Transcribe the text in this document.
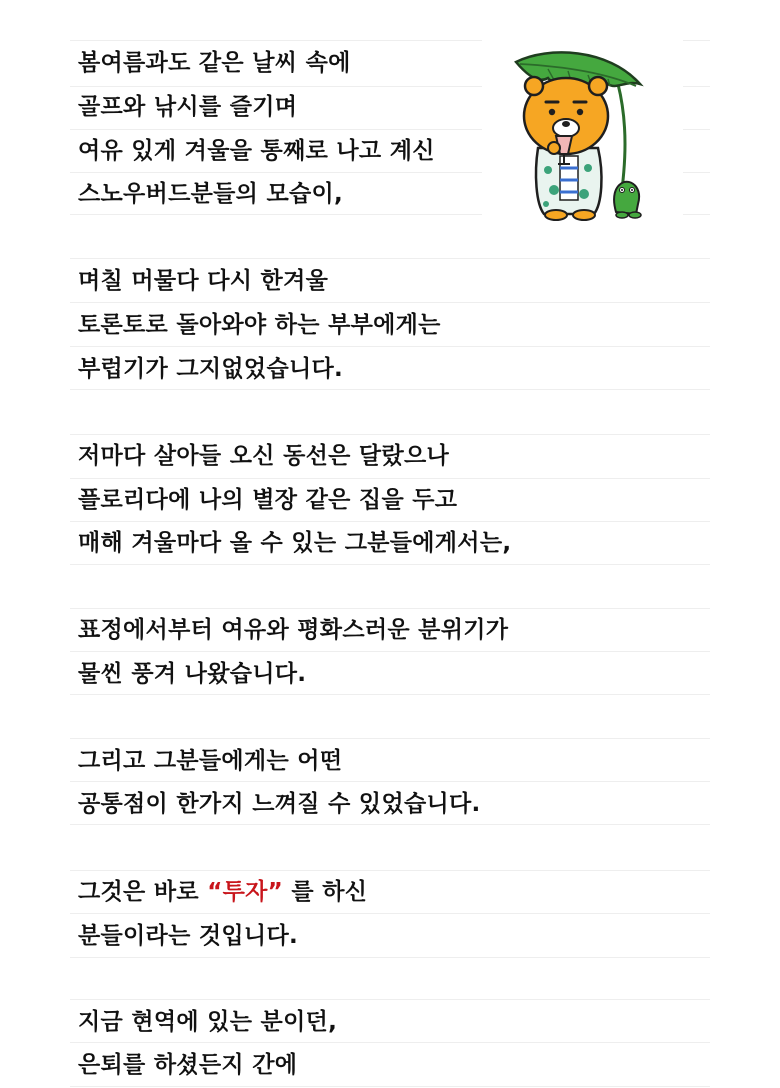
봄여름과도 같은 날씨 속에
골프와 낚시를 즐기며
여유 있게 겨울을 통째로 나고 계신
스노우버드분들의 모습이,
며칠 머물다 다시 한겨울
토론토로 돌아와야 하는 부부에게는
부럽기가 그지없었습니다.
저마다 살아들 오신 동선은 달랐으나
플로리다에 나의 별장 같은 집을 두고
매해 겨울마다 올 수 있는 그분들에게서는,
표정에서부터 여유와 평화스러운 분위기가
물씬 풍겨 나왔습니다.
그리고 그분들에게는 어떤
공통점이 한가지 느껴질 수 있었습니다.
그것은 바로 “투자” 를 하신
분들이라는 것입니다.
지금 현역에 있는 분이던,
은퇴를 하셨든지 간에
